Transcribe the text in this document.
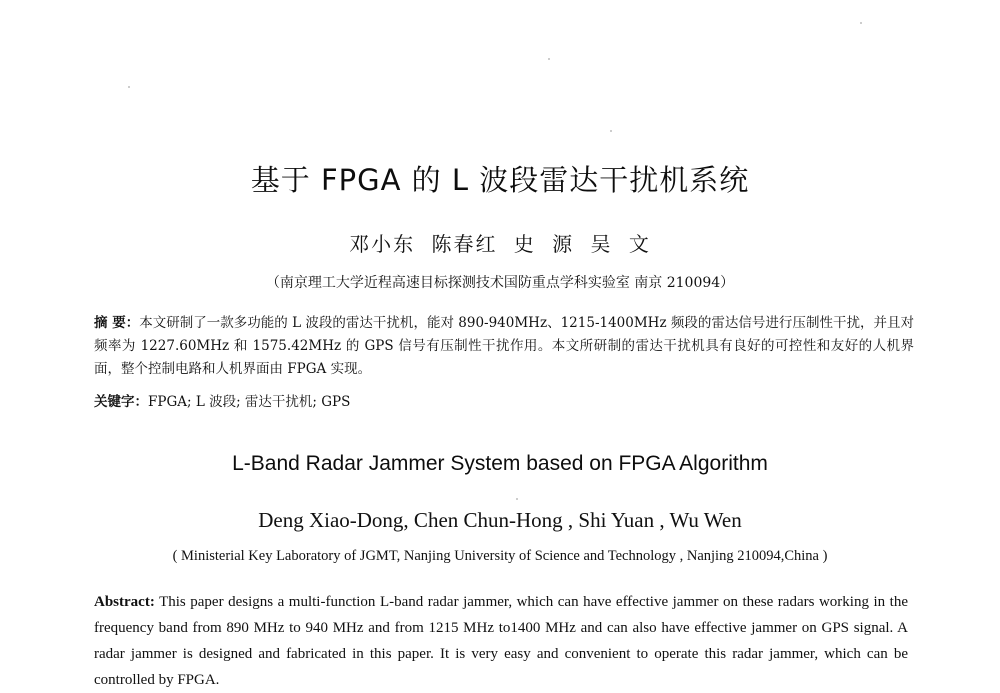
基于 FPGA 的 L 波段雷达干扰机系统
邓小东 陈春红 史 源 吴 文
（南京理工大学近程高速目标探测技术国防重点学科实验室 南京 210094）
摘 要：本文研制了一款多功能的 L 波段的雷达干扰机，能对 890-940MHz、1215-1400MHz 频段的雷达信号进行压制性干扰，并且对频率为 1227.60MHz 和 1575.42MHz 的 GPS 信号有压制性干扰作用。本文所研制的雷达干扰机具有良好的可控性和友好的人机界面，整个控制电路和人机界面由 FPGA 实现。
关键字：FPGA; L 波段; 雷达干扰机; GPS
L-Band Radar Jammer System based on FPGA Algorithm
Deng Xiao-Dong, Chen Chun-Hong , Shi Yuan , Wu Wen
( Ministerial Key Laboratory of JGMT, Nanjing University of Science and Technology , Nanjing 210094,China )
Abstract: This paper designs a multi-function L-band radar jammer, which can have effective jammer on these radars working in the frequency band from 890 MHz to 940 MHz and from 1215 MHz to1400 MHz and can also have effective jammer on GPS signal. A radar jammer is designed and fabricated in this paper. It is very easy and convenient to operate this radar jammer, which can be controlled by FPGA.
